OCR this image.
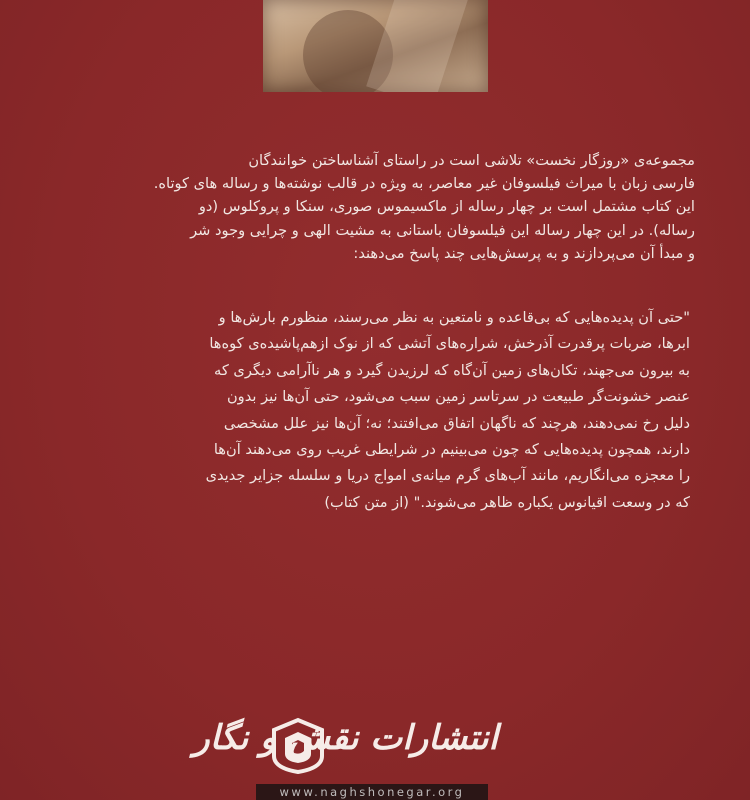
مجموعه‌ی «روزگار نخست» تلاشی است در راستای آشناساختن خوانندگان
فارسی زبان با میراث فیلسوفان غیر معاصر، به ویژه در قالب نوشته‌ها و رساله های کوتاه.
این کتاب مشتمل است بر چهار رساله از ماکسیموس صوری، سنکا و پروکلوس (دو
رساله). در این چهار رساله این فیلسوفان باستانی به مشیت الهی و چرایی وجود شر
و مبدأ آن می‌پردازند و به پرسش‌هایی چند پاسخ می‌دهند:
"حتی آن پدیده‌هایی که بی‌قاعده و نامتعین به نظر می‌رسند، منظورم بارش‌ها و
ابرها، ضربات پرقدرت آذرخش، شراره‌های آتشی که از نوک ازهم‌پاشیده‌ی کوه‌ها
به بیرون می‌جهند، تکان‌های زمین آن‌گاه که لرزیدن گیرد و هر ناآرامی دیگری که
عنصر خشونت‌گر طبیعت در سرتاسر زمین سبب می‌شود، حتی آن‌ها نیز بدون
دلیل رخ نمی‌دهند، هرچند که ناگهان اتفاق می‌افتند؛ نه؛ آن‌ها نیز علل مشخصی
دارند، همچون پدیده‌هایی که چون می‌بینیم در شرایطی غریب روی می‌دهند آن‌ها
را معجزه می‌انگاریم، مانند آب‌های گرم میانه‌ی امواج دریا و سلسله جزایر جدیدی
که در وسعت اقیانوس یکباره ظاهر می‌شوند." (از متن کتاب)
انتشارات نقش و نگار
www.naghshonegar.org
